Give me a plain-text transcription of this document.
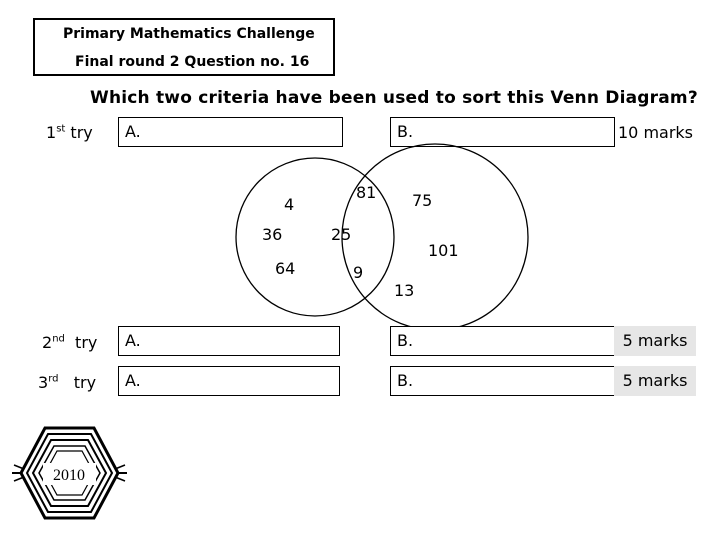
Primary Mathematics Challenge
Final round 2 Question no. 16
Which two criteria have been used to sort this Venn Diagram?
1st try	A.	B.	10 marks
4
36
64
81
25
9
75
101
13
2nd try	A.	B.	5 marks
3rd try	A.	B.	5 marks
2010
